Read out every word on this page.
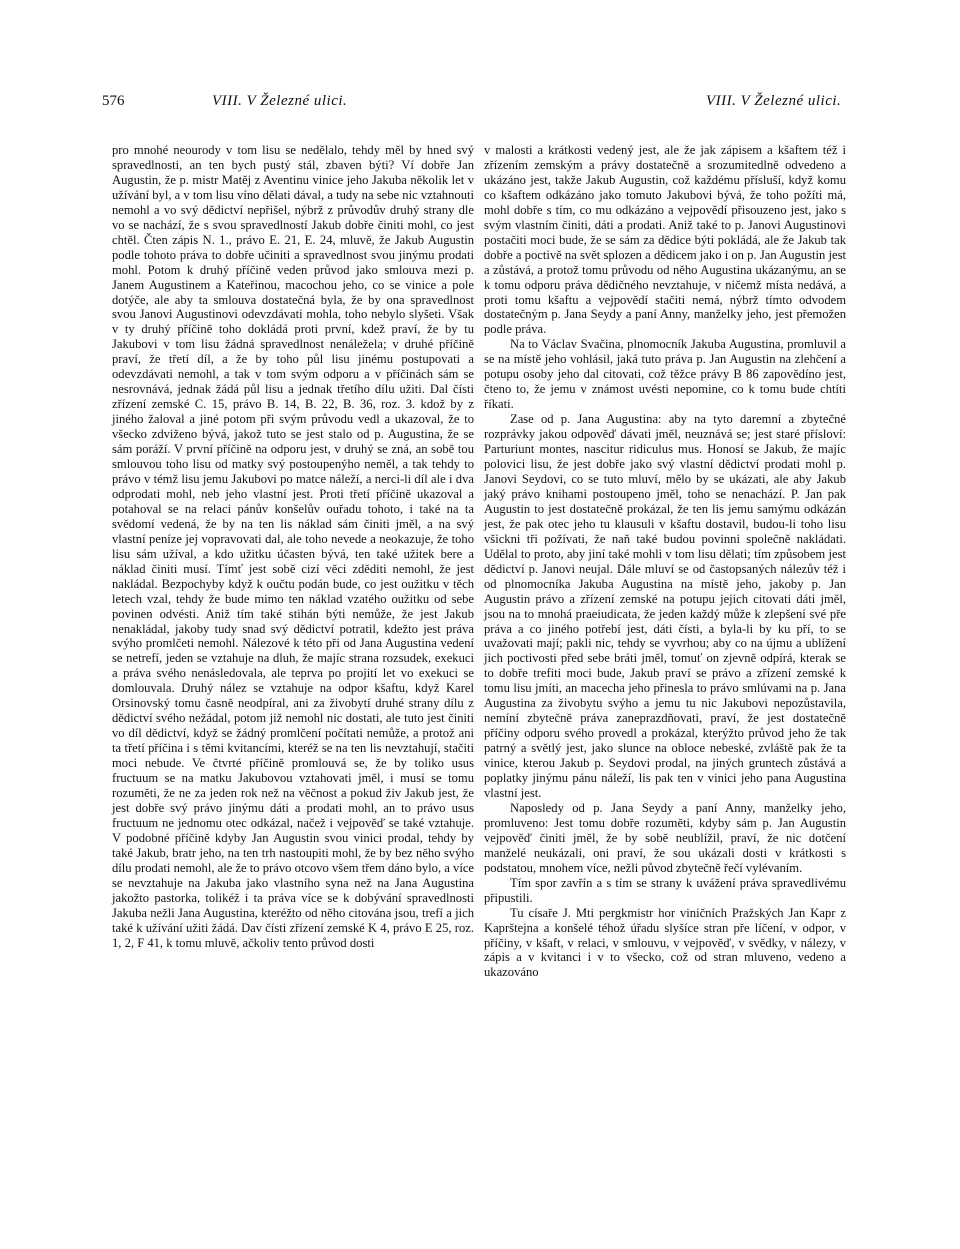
576	VIII. V Železné ulici.	VIII. V Železné ulici.

pro mnohé neourody v tom lisu se nedělalo, tehdy měl by hned svý spravedlnosti, an ten bych pustý stál, zbaven býti? Ví dobře Jan Augustin, že p. mistr Matěj z Aventinu vinice jeho Jakuba několik let v užívání byl, a v tom lisu víno dělati dával, a tudy na sebe nic vztahnouti nemohl a vo svý dědictví nepřišel, nýbrž z průvodův druhý strany dle vo se nachází, že s svou spravedlností Jakub dobře činiti mohl, co jest chtěl. Čten zápis N. 1., právo E. 21, E. 24, mluvě, že Jakub Augustin podle tohoto práva to dobře učiniti a spravedlnost svou jinýmu prodati mohl. Potom k druhý příčině veden průvod jako smlouva mezi p. Janem Augustinem a Kateřinou, macochou jeho, co se vinice a pole dotýče, ale aby ta smlouva dostatečná byla, že by ona spravedlnost svou Janovi Augustinovi odevzdávati mohla, toho nebylo slyšeti. Však v ty druhý příčině toho dokládá proti první, kdež praví, že by tu Jakubovi v tom lisu žádná spravedlnost nenáležela; v druhé příčině praví, že třetí díl, a že by toho půl lisu jinému postupovati a odevzdávati nemohl, a tak v tom svým odporu a v příčinách sám se nesrovnává, jednak žádá půl lisu a jednak třetího dílu užiti. Dal čísti zřízení zemské C. 15, právo B. 14, B. 22, B. 36, roz. 3. kdož by z jiného žaloval a jiné potom při svým průvodu vedl a ukazoval, že to všecko zdviženo bývá, jakož tuto se jest stalo od p. Augustina, že se sám poráží. V první příčině na odporu jest, v druhý se zná, an sobě tou smlouvou toho lisu od matky svý postoupenýho neměl, a tak tehdy to právo v témž lisu jemu Jakubovi po matce náleží, a nerci-li díl ale i dva odprodati mohl, neb jeho vlastní jest. Proti třetí příčině ukazoval a potahoval se na relaci pánův konšelův ouřadu tohoto, i také na ta svědomí vedená, že by na ten lis náklad sám činiti jměl, a na svý vlastní peníze jej vopravovati dal, ale toho nevede a neokazuje, že toho lisu sám užíval, a kdo užitku účasten bývá, ten také užitek bere a náklad činiti musí. Tímť jest sobě cizí věci zděditi nemohl, že jest nakládal. Bezpochyby když k oučtu podán bude, co jest oužitku v těch letech vzal, tehdy že bude mimo ten náklad vzatého oužitku od sebe povinen odvésti. Aniž tím také stihán býti nemůže, že jest Jakub nenakládal, jakoby tudy snad svý dědictví potratil, kdežto jest práva svýho promlčeti nemohl. Nálezové k této při od Jana Augustina vedení se netrefí, jeden se vztahuje na dluh, že majíc strana rozsudek, exekuci a práva svého nenásledovala, ale teprva po projití let vo exekuci se domlouvala. Druhý nález se vztahuje na odpor kšaftu, když Karel Orsinovský tomu časně neodpíral, ani za živobytí druhé strany dílu z dědictví svého nežádal, potom již nemohl nic dostati, ale tuto jest činiti vo díl dědictví, když se žádný promlčení počítati nemůže, a protož ani ta třetí příčina i s těmi kvitancími, kteréž se na ten lis nevztahují, stačiti moci nebude. Ve čtvrté příčině promlouvá se, že by toliko usus fructuum se na matku Jakubovou vztahovati jměl, i musí se tomu rozuměti, že ne za jeden rok než na věčnost a pokud živ Jakub jest, že jest dobře svý právo jinýmu dáti a prodati mohl, an to právo usus fructuum ne jednomu otec odkázal, načež i vejpověď se také vztahuje. V podobné příčině kdyby Jan Augustin svou vinici prodal, tehdy by také Jakub, bratr jeho, na ten trh nastoupiti mohl, že by bez něho svýho dílu prodati nemohl, ale že to právo otcovo všem třem dáno bylo, a více se nevztahuje na Jakuba jako vlastního syna než na Jana Augustina jakožto pastorka, tolikéž i ta práva více se k dobývání spravedlnosti Jakuba nežli Jana Augustina, kteréžto od něho citována jsou, trefí a jich také k užívání užiti žádá. Dav čísti zřízení zemské K 4, právo E 25, roz. 1, 2, F 41, k tomu mluvě, ačkoliv tento průvod dosti

v malosti a krátkosti vedený jest, ale že jak zápisem a kšaftem též i zřízením zemským a právy dostatečně a srozumitedlně odvedeno a ukázáno jest, takže Jakub Augustin, což každému přísluší, když komu co kšaftem odkázáno jako tomuto Jakubovi bývá, že toho požíti má, mohl dobře s tím, co mu odkázáno a vejpovědí přisouzeno jest, jako s svým vlastním činiti, dáti a prodati. Aniž také to p. Janovi Augustinovi postačiti moci bude, že se sám za dědice býti pokládá, ale že Jakub tak dobře a poctivě na svět splozen a dědicem jako i on p. Jan Augustin jest a zůstává, a protož tomu průvodu od něho Augustina ukázanýmu, an se k tomu odporu práva dědičného nevztahuje, v ničemž místa nedává, a proti tomu kšaftu a vejpovědí stačiti nemá, nýbrž tímto odvodem dostatečným p. Jana Seydy a paní Anny, manželky jeho, jest přemožen podle práva.

Na to Václav Svačina, plnomocník Jakuba Augustina, promluvil a se na místě jeho vohlásil, jaká tuto práva p. Jan Augustin na zlehčení a potupu osoby jeho dal citovati, což těžce právy B 86 zapovědíno jest, čteno to, že jemu v známost uvésti nepomine, co k tomu bude chtíti říkati.

Zase od p. Jana Augustina: aby na tyto daremní a zbytečné rozprávky jakou odpověď dávati jměl, neuznává se; jest staré přísloví: Parturiunt montes, nascitur ridiculus mus. Honosí se Jakub, že majíc polovici lisu, že jest dobře jako svý vlastní dědictví prodati mohl p. Janovi Seydovi, co se tuto mluví, mělo by se ukázati, ale aby Jakub jaký právo knihami postoupeno jměl, toho se nenachází. P. Jan pak Augustin to jest dostatečně prokázal, že ten lis jemu samýmu odkázán jest, že pak otec jeho tu klausuli v kšaftu dostavil, budou-li toho lisu všickni tři požívati, že naň také budou povinni společně nakládati. Udělal to proto, aby jiní také mohli v tom lisu dělati; tím způsobem jest dědictví p. Janovi neujal. Dále mluví se od častopsaných nálezův též i od plnomocníka Jakuba Augustina na místě jeho, jakoby p. Jan Augustin právo a zřízení zemské na potupu jejich citovati dáti jměl, jsou na to mnohá praeiudicata, že jeden každý může k zlepšení své pře práva a co jiného potřebí jest, dáti čísti, a byla-li by ku pří, to se uvažovati mají; pakli nic, tehdy se vyvrhou; aby co na újmu a ublížení jich poctivosti před sebe bráti jměl, tomuť on zjevně odpírá, kterak se to dobře trefiti moci bude, Jakub praví se právo a zřízení zemské k tomu lisu jmíti, an macecha jeho přinesla to právo smlúvami na p. Jana Augustina za živobytu svýho a jemu tu nic Jakubovi nepozůstavila, nemíní zbytečně práva zaneprazdňovati, praví, že jest dostatečně příčiny odporu svého provedl a prokázal, kterýžto průvod jeho že tak patrný a světlý jest, jako slunce na obloce nebeské, zvláště pak že ta vinice, kterou Jakub p. Seydovi prodal, na jiných gruntech zůstává a poplatky jinýmu pánu náleží, lis pak ten v vinici jeho pana Augustina vlastní jest.

Naposledy od p. Jana Seydy a paní Anny, manželky jeho, promluveno: Jest tomu dobře rozuměti, kdyby sám p. Jan Augustin vejpověď činiti jměl, že by sobě neublížil, praví, že nic dotčení manželé neukázali, oni praví, že sou ukázali dosti v krátkosti s podstatou, mnohem více, nežli původ zbytečně řečí vylévaním.

Tím spor zavřín a s tím se strany k uvážení práva spravedlivému připustili.

Tu císaře J. Mti pergkmistr hor viničních Pražských Jan Kapr z Kaprštejna a konšelé téhož úřadu slyšíce stran pře líčení, v odpor, v příčiny, v kšaft, v relaci, v smlouvu, v vejpověď, v svědky, v nálezy, v zápis a v kvitanci i v to všecko, což od stran mluveno, vedeno a ukazováno
